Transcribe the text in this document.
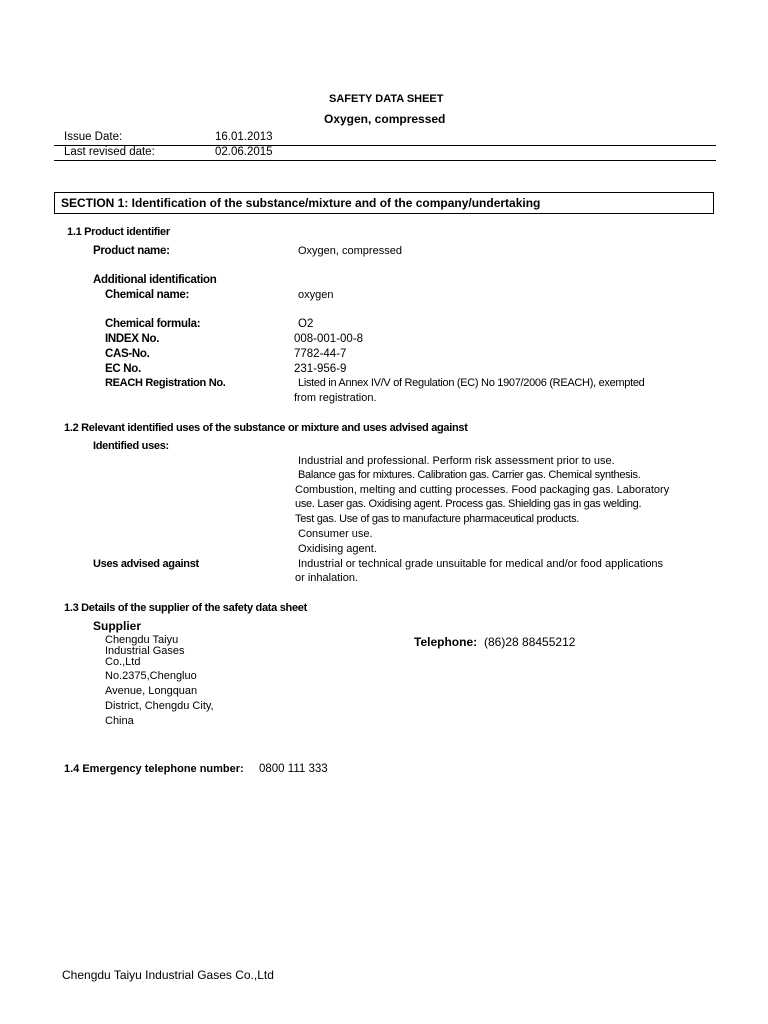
SAFETY DATA SHEET
Oxygen, compressed
Issue Date:	16.01.2013
Last revised date:	02.06.2015
SECTION 1: Identification of the substance/mixture and of the company/undertaking
1.1 Product identifier
Product name:	Oxygen, compressed
Additional identification
Chemical name:	oxygen
Chemical formula:	O2
INDEX No.	008-001-00-8
CAS-No.	7782-44-7
EC No.	231-956-9
REACH Registration No.	Listed in Annex IV/V of Regulation (EC) No 1907/2006 (REACH), exempted
from registration.
1.2 Relevant identified uses of the substance or mixture and uses advised against
Identified uses:
Industrial and professional. Perform risk assessment prior to use.
Balance gas for mixtures. Calibration gas. Carrier gas. Chemical synthesis.
Combustion, melting and cutting processes. Food packaging gas. Laboratory
use. Laser gas. Oxidising agent. Process gas. Shielding gas in gas welding.
Test gas. Use of gas to manufacture pharmaceutical products.
Consumer use.
Oxidising agent.
Uses advised against	Industrial or technical grade unsuitable for medical and/or food applications
or inhalation.
1.3 Details of the supplier of the safety data sheet
Supplier
Chengdu Taiyu
Industrial Gases
Co.,Ltd
No.2375,Chengluo
Avenue, Longquan
District, Chengdu City,
China
Telephone: (86)28 88455212
1.4 Emergency telephone number: 0800 111 333
Chengdu Taiyu Industrial Gases Co.,Ltd
